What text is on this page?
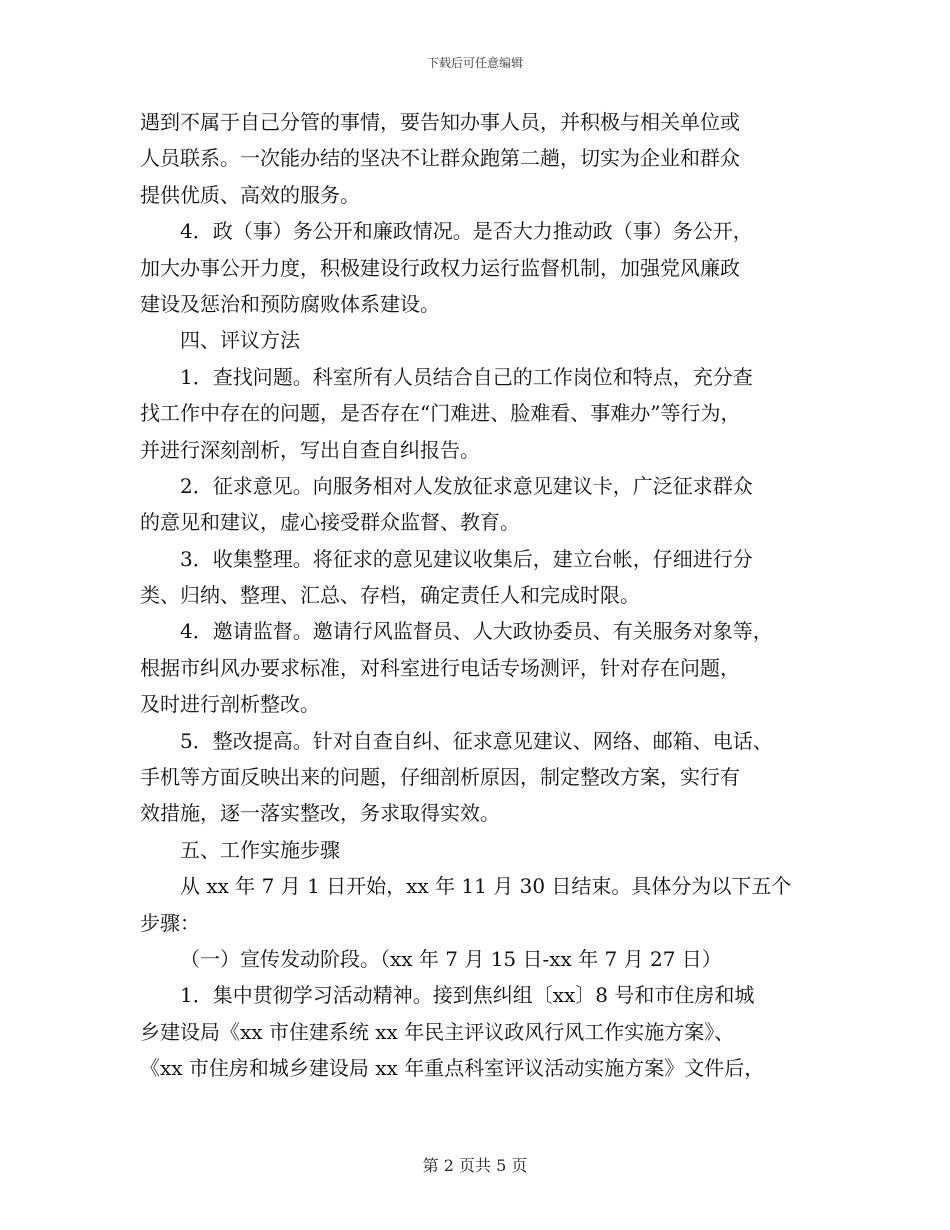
下载后可任意编辑
遇到不属于自己分管的事情，要告知办事人员，并积极与相关单位或
人员联系。一次能办结的坚决不让群众跑第二趟，切实为企业和群众
提供优质、高效的服务。
4．政（事）务公开和廉政情况。是否大力推动政（事）务公开，
加大办事公开力度，积极建设行政权力运行监督机制，加强党风廉政
建设及惩治和预防腐败体系建设。
四、评议方法
1．查找问题。科室所有人员结合自己的工作岗位和特点，充分查
找工作中存在的问题，是否存在“门难进、脸难看、事难办”等行为，
并进行深刻剖析，写出自查自纠报告。
2．征求意见。向服务相对人发放征求意见建议卡，广泛征求群众
的意见和建议，虚心接受群众监督、教育。
3．收集整理。将征求的意见建议收集后，建立台帐，仔细进行分
类、归纳、整理、汇总、存档，确定责任人和完成时限。
4．邀请监督。邀请行风监督员、人大政协委员、有关服务对象等，
根据市纠风办要求标准，对科室进行电话专场测评，针对存在问题，
及时进行剖析整改。
5．整改提高。针对自查自纠、征求意见建议、网络、邮箱、电话、
手机等方面反映出来的问题，仔细剖析原因，制定整改方案，实行有
效措施，逐一落实整改，务求取得实效。
五、工作实施步骤
从 xx 年 7 月 1 日开始，xx 年 11 月 30 日结束。具体分为以下五个
步骤：
（一）宣传发动阶段。（xx 年 7 月 15 日-xx 年 7 月 27 日）
1．集中贯彻学习活动精神。接到焦纠组〔xx〕8 号和市住房和城
乡建设局《xx 市住建系统 xx 年民主评议政风行风工作实施方案》、
《xx 市住房和城乡建设局 xx 年重点科室评议活动实施方案》文件后，
第 2 页共 5 页
